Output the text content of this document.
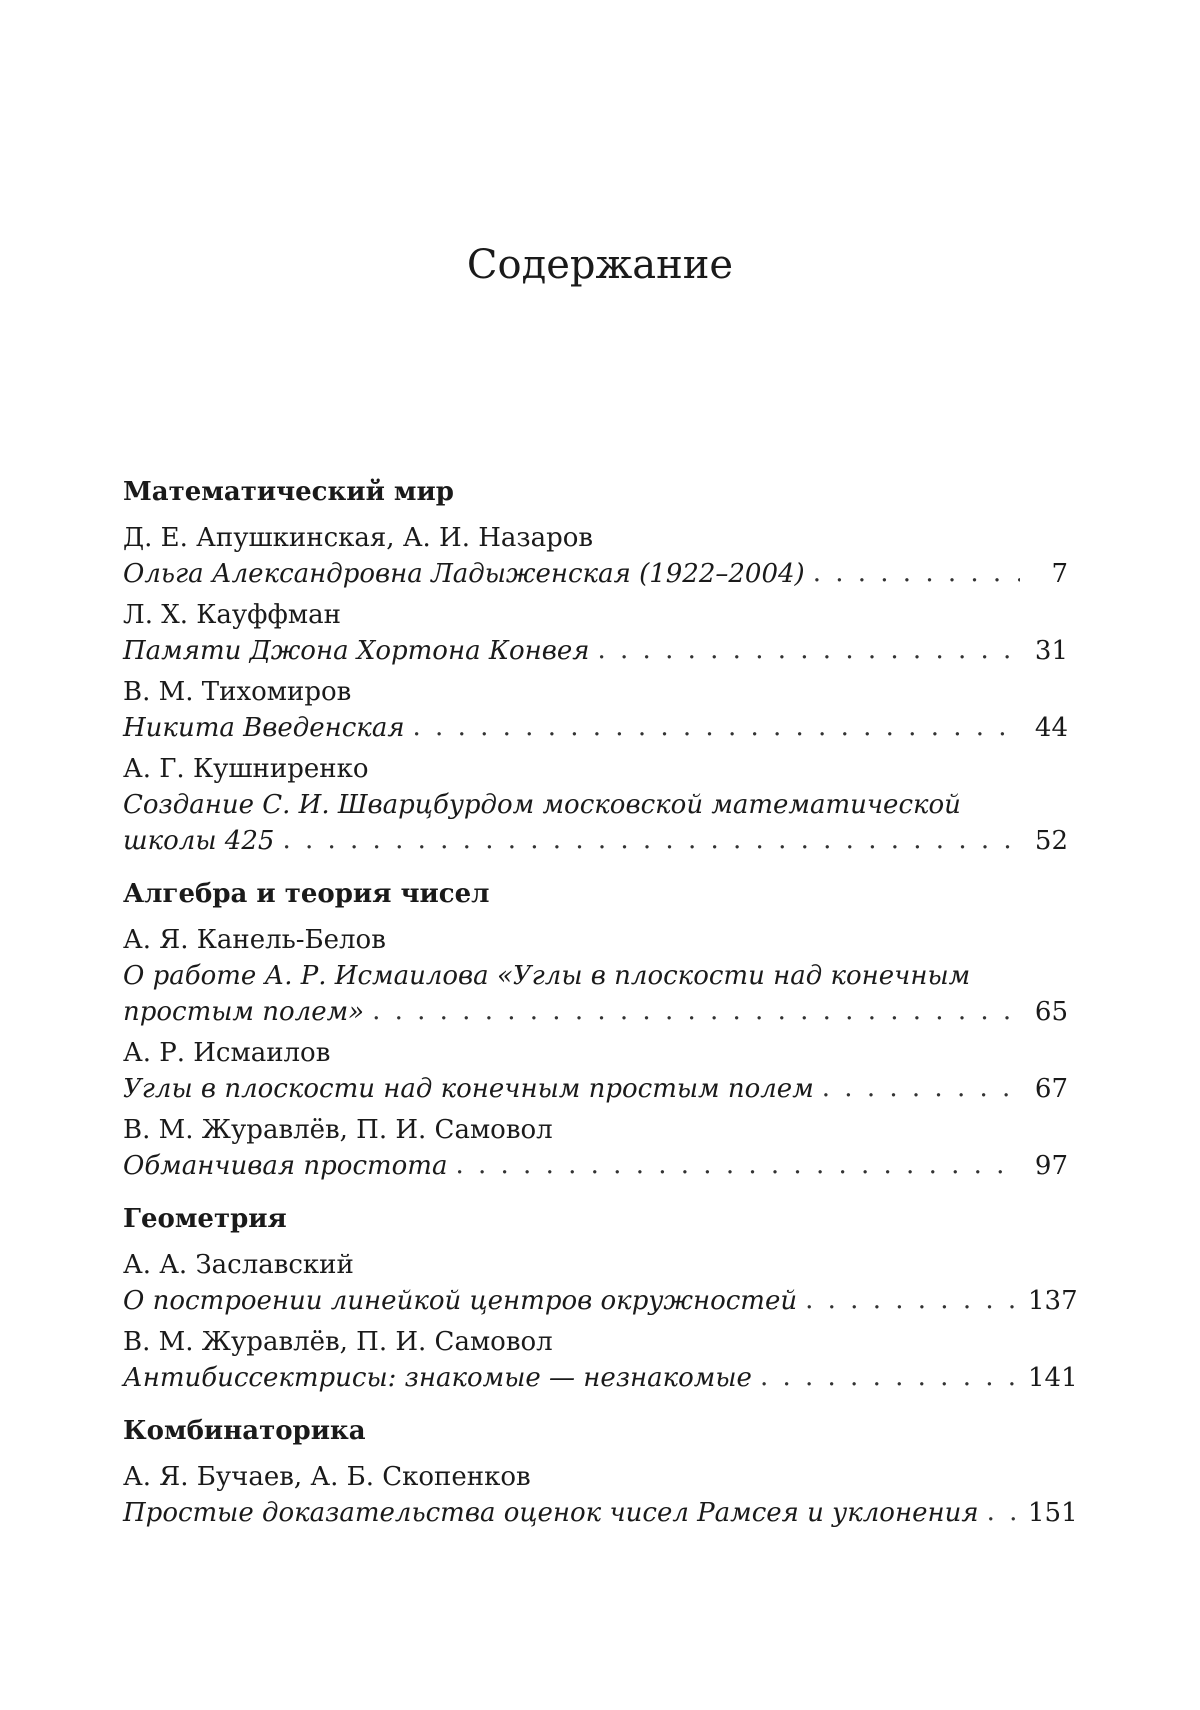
Содержание
Математический мир
Д. Е. Апушкинская, А. И. Назаров
Ольга Александровна Ладыженская (1922–2004)
. . .	7
Л. Х. Кауффман
Памяти Джона Хортона Конвея
. . .	31
В. М. Тихомиров
Никита Введенская
. . .	44
А. Г. Кушниренко
Создание С. И. Шварцбурдом московской математической
школы 425
. . .	52
Алгебра и теория чисел
А. Я. Канель-Белов
О работе А. Р. Исмаилова «Углы в плоскости над конечным
простым полем»
. . .	65
А. Р. Исмаилов
Углы в плоскости над конечным простым полем
. . .	67
В. М. Журавлёв, П. И. Самовол
Обманчивая простота
. . .	97
Геометрия
А. А. Заславский
О построении линейкой центров окружностей
. . .	137
В. М. Журавлёв, П. И. Самовол
Антибиссектрисы: знакомые — незнакомые
. . .	141
Комбинаторика
А. Я. Бучаев, А. Б. Скопенков
Простые доказательства оценок чисел Рамсея и уклонения
. . . 151
